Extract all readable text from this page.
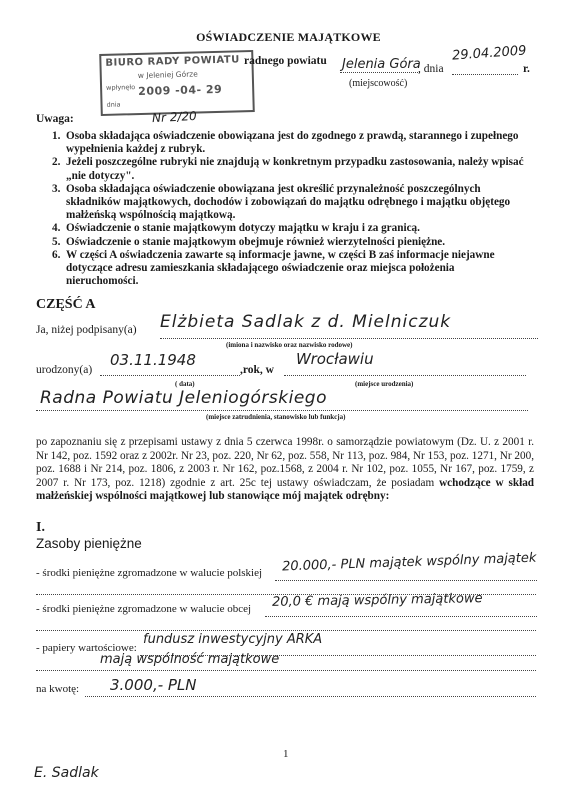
OŚWIADCZENIE MAJĄTKOWE
BIURO RADY POWIATU
w Jeleniej Górze
wpłynęło 2009 -04- 29
dnia
Nr 2/20
radnego powiatu Jelenia Góra
, dnia
29.04.2009
r.
(miejscowość)
Uwaga:
1. Osoba składająca oświadczenie obowiązana jest do zgodnego z prawdą, starannego i zupełnego wypełnienia każdej z rubryk.
2. Jeżeli poszczególne rubryki nie znajdują w konkretnym przypadku zastosowania, należy wpisać „nie dotyczy".
3. Osoba składająca oświadczenie obowiązana jest określić przynależność poszczególnych składników majątkowych, dochodów i zobowiązań do majątku odrębnego i majątku objętego małżeńską wspólnością majątkową.
4. Oświadczenie o stanie majątkowym dotyczy majątku w kraju i za granicą.
5. Oświadczenie o stanie majątkowym obejmuje również wierzytelności pieniężne.
6. W części A oświadczenia zawarte są informacje jawne, w części B zaś informacje niejawne dotyczące adresu zamieszkania składającego oświadczenie oraz miejsca położenia nieruchomości.
CZĘŚĆ A
Ja, niżej podpisany(a) Elżbieta Sadlak z d. Mielniczuk
(imiona i nazwisko oraz nazwisko rodowe)
urodzony(a)
03.11.1948
,rok, w
Wrocławiu
( data)	(miejsce urodzenia)
Radna Powiatu Jeleniogórskiego
(miejsce zatrudnienia, stanowisko lub funkcja)
po zapoznaniu się z przepisami ustawy z dnia 5 czerwca 1998r. o samorządzie powiatowym (Dz. U. z 2001 r. Nr 142, poz. 1592 oraz z 2002r. Nr 23, poz. 220, Nr 62, poz. 558, Nr 113, poz. 984, Nr 153, poz. 1271, Nr 200, poz. 1688 i Nr 214, poz. 1806, z 2003 r. Nr 162, poz.1568, z 2004 r. Nr 102, poz. 1055, Nr 167, poz. 1759, z 2007 r. Nr 173, poz. 1218) zgodnie z art. 25c tej ustawy oświadczam, że posiadam wchodzące w skład małżeńskiej wspólności majątkowej lub stanowiące mój majątek odrębny:
I.
Zasoby pieniężne
- środki pieniężne zgromadzone w walucie polskiej 20.000,- PLN majątek wspólny majątek
- środki pieniężne zgromadzone w walucie obcej 20,0 € mają wspólny majątkowe
- papiery wartościowe:
fundusz inwestycyjny ARKA
mają wspólność majątkowe
na kwotę: 3.000,- PLN
1
E. Sadlak
